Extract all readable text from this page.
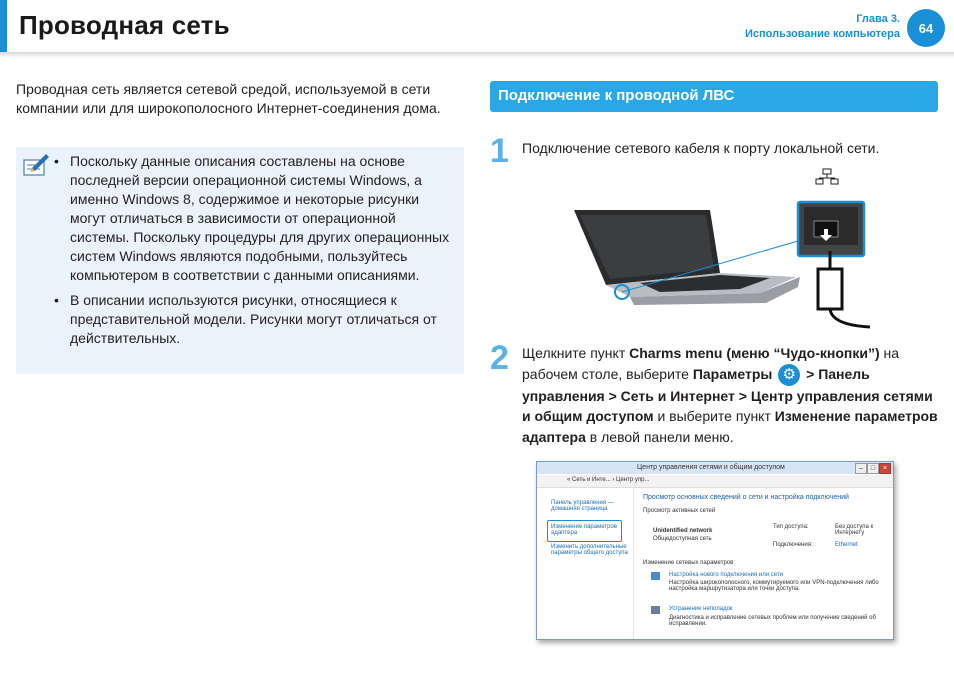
Проводная сеть	Глава 3.
Использование компьютера	64
Проводная сеть является сетевой средой, используемой в сети компании или для широкополосного Интернет-соединения дома.
• Поскольку данные описания составлены на основе последней версии операционной системы Windows, а именно Windows 8, содержимое и некоторые рисунки могут отличаться в зависимости от операционной системы. Поскольку процедуры для других операционных систем Windows являются подобными, пользуйтесь компьютером в соответствии с данными описаниями.
• В описании используются рисунки, относящиеся к представительной модели. Рисунки могут отличаться от действительных.
Подключение к проводной ЛВС
1 Подключение сетевого кабеля к порту локальной сети.
2 Щелкните пункт Charms menu (меню “Чудо-кнопки”) на рабочем столе, выберите Параметры ⚙ > Панель управления > Сеть и Интернет > Центр управления сетями и общим доступом и выберите пункт Изменение параметров адаптера в левой панели меню.
Центр управления сетями и общим доступом	–	□	×
« Сеть и Инте... › Центр упр...
Панель управления — домашняя страница
Изменение параметров адаптера
Изменить дополнительные параметры общего доступа
Просмотр основных сведений о сети и настройка подключений
Просмотр активных сетей
Unidentified network
Общедоступная сеть
Тип доступа:	Без доступа к Интернету
Подключения:	Ethernet
Изменение сетевых параметров
Настройка нового подключения или сети
Настройка широкополосного, коммутируемого или VPN-подключения либо настройка маршрутизатора или точки доступа.
Устранение неполадок
Диагностика и исправление сетевых проблем или получение сведений об исправлении.
